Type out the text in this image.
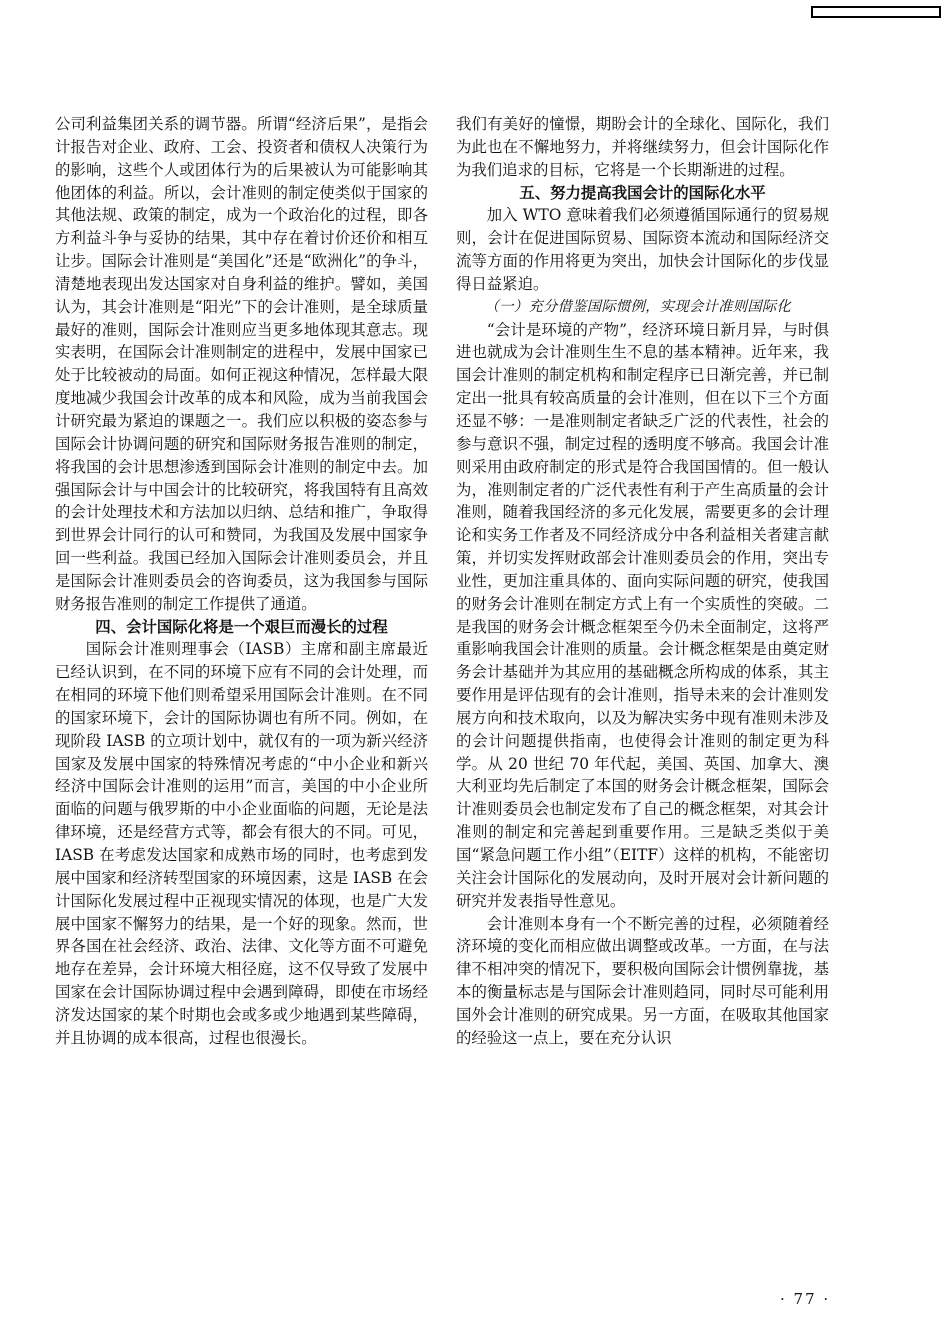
公司利益集团关系的调节器。所谓“经济后果”，是指会计报告对企业、政府、工会、投资者和债权人决策行为的影响，这些个人或团体行为的后果被认为可能影响其他团体的利益。所以，会计准则的制定使类似于国家的其他法规、政策的制定，成为一个政治化的过程，即各方利益斗争与妥协的结果，其中存在着讨价还价和相互让步。国际会计准则是“美国化”还是“欧洲化”的争斗，清楚地表现出发达国家对自身利益的维护。譬如，美国认为，其会计准则是“阳光”下的会计准则，是全球质量最好的准则，国际会计准则应当更多地体现其意志。现实表明，在国际会计准则制定的进程中，发展中国家已处于比较被动的局面。如何正视这种情况，怎样最大限度地减少我国会计改革的成本和风险，成为当前我国会计研究最为紧迫的课题之一。我们应以积极的姿态参与国际会计协调问题的研究和国际财务报告准则的制定，将我国的会计思想渗透到国际会计准则的制定中去。加强国际会计与中国会计的比较研究，将我国特有且高效的会计处理技术和方法加以归纳、总结和推广，争取得到世界会计同行的认可和赞同，为我国及发展中国家争回一些利益。我国已经加入国际会计准则委员会，并且是国际会计准则委员会的咨询委员，这为我国参与国际财务报告准则的制定工作提供了通道。

四、会计国际化将是一个艰巨而漫长的过程

国际会计准则理事会（IASB）主席和副主席最近已经认识到，在不同的环境下应有不同的会计处理，而在相同的环境下他们则希望采用国际会计准则。在不同的国家环境下，会计的国际协调也有所不同。例如，在现阶段 IASB 的立项计划中，就仅有的一项为新兴经济国家及发展中国家的特殊情况考虑的“中小企业和新兴经济中国际会计准则的运用”而言，美国的中小企业所面临的问题与俄罗斯的中小企业面临的问题，无论是法律环境，还是经营方式等，都会有很大的不同。可见，IASB 在考虑发达国家和成熟市场的同时，也考虑到发展中国家和经济转型国家的环境因素，这是 IASB 在会计国际化发展过程中正视现实情况的体现，也是广大发展中国家不懈努力的结果，是一个好的现象。然而，世界各国在社会经济、政治、法律、文化等方面不可避免地存在差异，会计环境大相径庭，这不仅导致了发展中国家在会计国际协调过程中会遇到障碍，即使在市场经济发达国家的某个时期也会或多或少地遇到某些障碍，并且协调的成本很高，过程也很漫长。

我们有美好的憧憬，期盼会计的全球化、国际化，我们为此也在不懈地努力，并将继续努力，但会计国际化作为我们追求的目标，它将是一个长期渐进的过程。

五、努力提高我国会计的国际化水平

加入 WTO 意味着我们必须遵循国际通行的贸易规则，会计在促进国际贸易、国际资本流动和国际经济交流等方面的作用将更为突出，加快会计国际化的步伐显得日益紧迫。

（一）充分借鉴国际惯例，实现会计准则国际化

“会计是环境的产物”，经济环境日新月异，与时俱进也就成为会计准则生生不息的基本精神。近年来，我国会计准则的制定机构和制定程序已日渐完善，并已制定出一批具有较高质量的会计准则，但在以下三个方面还显不够：一是准则制定者缺乏广泛的代表性，社会的参与意识不强，制定过程的透明度不够高。我国会计准则采用由政府制定的形式是符合我国国情的。但一般认为，准则制定者的广泛代表性有利于产生高质量的会计准则，随着我国经济的多元化发展，需要更多的会计理论和实务工作者及不同经济成分中各利益相关者建言献策，并切实发挥财政部会计准则委员会的作用，突出专业性，更加注重具体的、面向实际问题的研究，使我国的财务会计准则在制定方式上有一个实质性的突破。二是我国的财务会计概念框架至今仍未全面制定，这将严重影响我国会计准则的质量。会计概念框架是由奠定财务会计基础并为其应用的基础概念所构成的体系，其主要作用是评估现有的会计准则，指导未来的会计准则发展方向和技术取向，以及为解决实务中现有准则未涉及的会计问题提供指南，也使得会计准则的制定更为科学。从 20 世纪 70 年代起，美国、英国、加拿大、澳大利亚均先后制定了本国的财务会计概念框架，国际会计准则委员会也制定发布了自己的概念框架，对其会计准则的制定和完善起到重要作用。三是缺乏类似于美国“紧急问题工作小组”（EITF）这样的机构，不能密切关注会计国际化的发展动向，及时开展对会计新问题的研究并发表指导性意见。

会计准则本身有一个不断完善的过程，必须随着经济环境的变化而相应做出调整或改革。一方面，在与法律不相冲突的情况下，要积极向国际会计惯例靠拢，基本的衡量标志是与国际会计准则趋同，同时尽可能利用国外会计准则的研究成果。另一方面，在吸取其他国家的经验这一点上，要在充分认识

· 77 ·
